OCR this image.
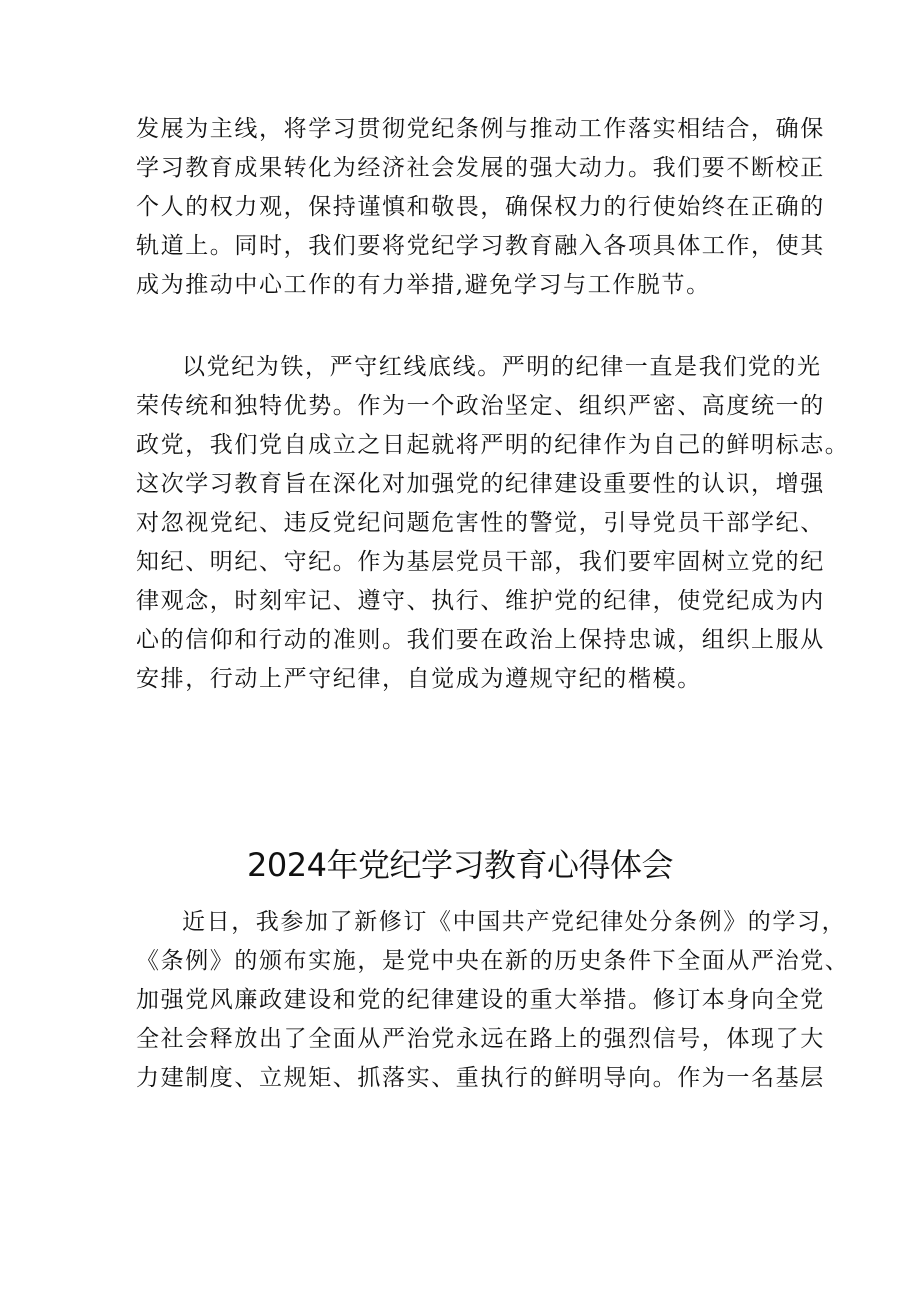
发展为主线，将学习贯彻党纪条例与推动工作落实相结合，确保
学习教育成果转化为经济社会发展的强大动力。我们要不断校正
个人的权力观，保持谨慎和敬畏，确保权力的行使始终在正确的
轨道上。同时，我们要将党纪学习教育融入各项具体工作，使其
成为推动中心工作的有力举措,避免学习与工作脱节。
以党纪为铁，严守红线底线。严明的纪律一直是我们党的光
荣传统和独特优势。作为一个政治坚定、组织严密、高度统一的
政党，我们党自成立之日起就将严明的纪律作为自己的鲜明标志。
这次学习教育旨在深化对加强党的纪律建设重要性的认识，增强
对忽视党纪、违反党纪问题危害性的警觉，引导党员干部学纪、
知纪、明纪、守纪。作为基层党员干部，我们要牢固树立党的纪
律观念，时刻牢记、遵守、执行、维护党的纪律，使党纪成为内
心的信仰和行动的准则。我们要在政治上保持忠诚，组织上服从
安排，行动上严守纪律，自觉成为遵规守纪的楷模。
2024年党纪学习教育心得体会
近日，我参加了新修订《中国共产党纪律处分条例》的学习，
《条例》的颁布实施，是党中央在新的历史条件下全面从严治党、
加强党风廉政建设和党的纪律建设的重大举措。修订本身向全党
全社会释放出了全面从严治党永远在路上的强烈信号，体现了大
力建制度、立规矩、抓落实、重执行的鲜明导向。作为一名基层
